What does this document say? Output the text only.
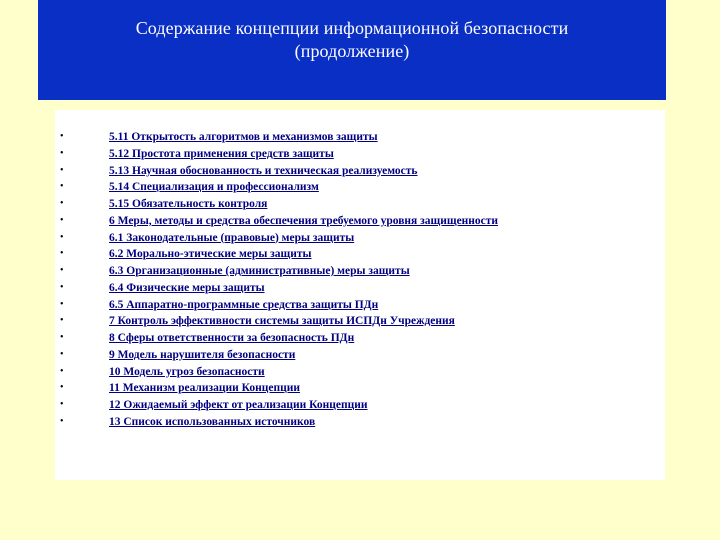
Содержание концепции информационной безопасности
(продолжение)
•	5.11 Открытость алгоритмов и механизмов защиты
•	5.12 Простота применения средств защиты
•	5.13 Научная обоснованность и техническая реализуемость
•	5.14 Специализация и профессионализм
•	5.15 Обязательность контроля
•	6 Меры, методы и средства обеспечения требуемого уровня защищенности
•	6.1 Законодательные (правовые) меры защиты
•	6.2 Морально-этические меры защиты
•	6.3 Организационные (административные) меры защиты
•	6.4 Физические меры защиты
•	6.5 Аппаратно-программные средства защиты ПДн
•	7 Контроль эффективности системы защиты ИСПДн Учреждения
•	8 Сферы ответственности за безопасность ПДн
•	9 Модель нарушителя безопасности
•	10 Модель угроз безопасности
•	11 Механизм реализации Концепции
•	12 Ожидаемый эффект от реализации Концепции
•	13 Список использованных источников
